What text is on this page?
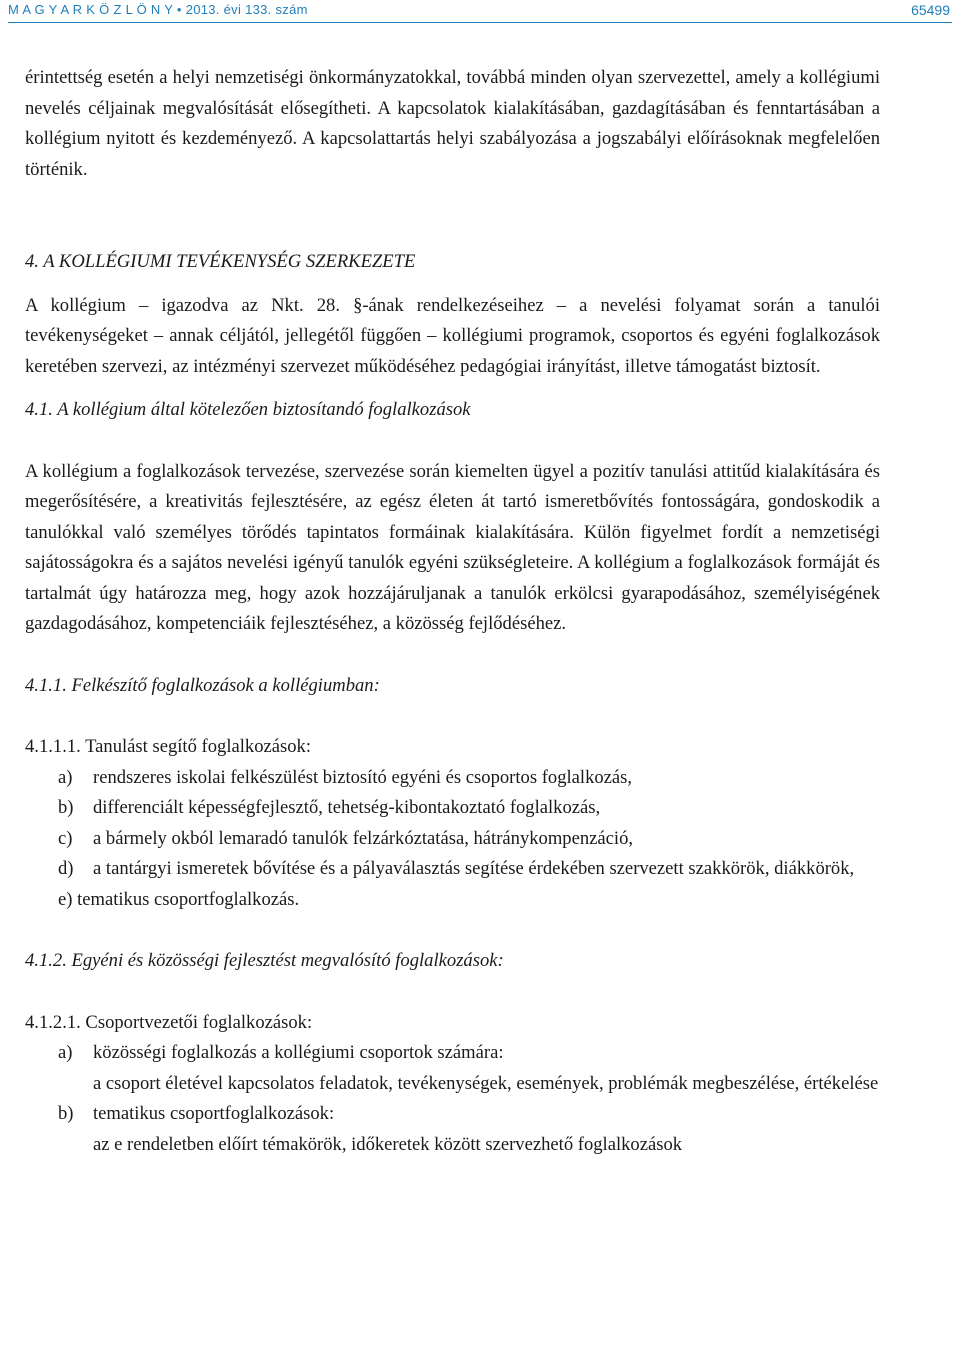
M A G Y A R K Ö Z L Ö N Y • 2013. évi 133. szám	65499

érintettség esetén a helyi nemzetiségi önkormányzatokkal, továbbá minden olyan szervezettel, amely a kollégiumi nevelés céljainak megvalósítását elősegítheti. A kapcsolatok kialakításában, gazdagításában és fenntartásában a kollégium nyitott és kezdeményező. A kapcsolattartás helyi szabályozása a jogszabályi előírásoknak megfelelően történik.

4. A KOLLÉGIUMI TEVÉKENYSÉG SZERKEZETE

A kollégium – igazodva az Nkt. 28. §-ának rendelkezéseihez – a nevelési folyamat során a tanulói tevékenységeket – annak céljától, jellegétől függően – kollégiumi programok, csoportos és egyéni foglalkozások keretében szervezi, az intézményi szervezet működéséhez pedagógiai irányítást, illetve támogatást biztosít.

4.1. A kollégium által kötelezően biztosítandó foglalkozások

A kollégium a foglalkozások tervezése, szervezése során kiemelten ügyel a pozitív tanulási attitűd kialakítására és megerősítésére, a kreativitás fejlesztésére, az egész életen át tartó ismeretbővítés fontosságára, gondoskodik a tanulókkal való személyes törődés tapintatos formáinak kialakítására. Külön figyelmet fordít a nemzetiségi sajátosságokra és a sajátos nevelési igényű tanulók egyéni szükségleteire. A kollégium a foglalkozások formáját és tartalmát úgy határozza meg, hogy azok hozzájáruljanak a tanulók erkölcsi gyarapodásához, személyiségének gazdagodásához, kompetenciáik fejlesztéséhez, a közösség fejlődéséhez.

4.1.1. Felkészítő foglalkozások a kollégiumban:

4.1.1.1. Tanulást segítő foglalkozások:

a)	rendszeres iskolai felkészülést biztosító egyéni és csoportos foglalkozás,
b)	differenciált képességfejlesztő, tehetség-kibontakoztató foglalkozás,
c)	a bármely okból lemaradó tanulók felzárkóztatása, hátránykompenzáció,
d)	a tantárgyi ismeretek bővítése és a pályaválasztás segítése érdekében szervezett szakkörök, diákkörök,

e) tematikus csoportfoglalkozás.

4.1.2. Egyéni és közösségi fejlesztést megvalósító foglalkozások:

4.1.2.1. Csoportvezetői foglalkozások:

a)	közösségi foglalkozás a kollégiumi csoportok számára:

a csoport életével kapcsolatos feladatok, tevékenységek, események, problémák megbeszélése, értékelése

b)	tematikus csoportfoglalkozások:

az e rendeletben előírt témakörök, időkeretek között szervezhető foglalkozások
